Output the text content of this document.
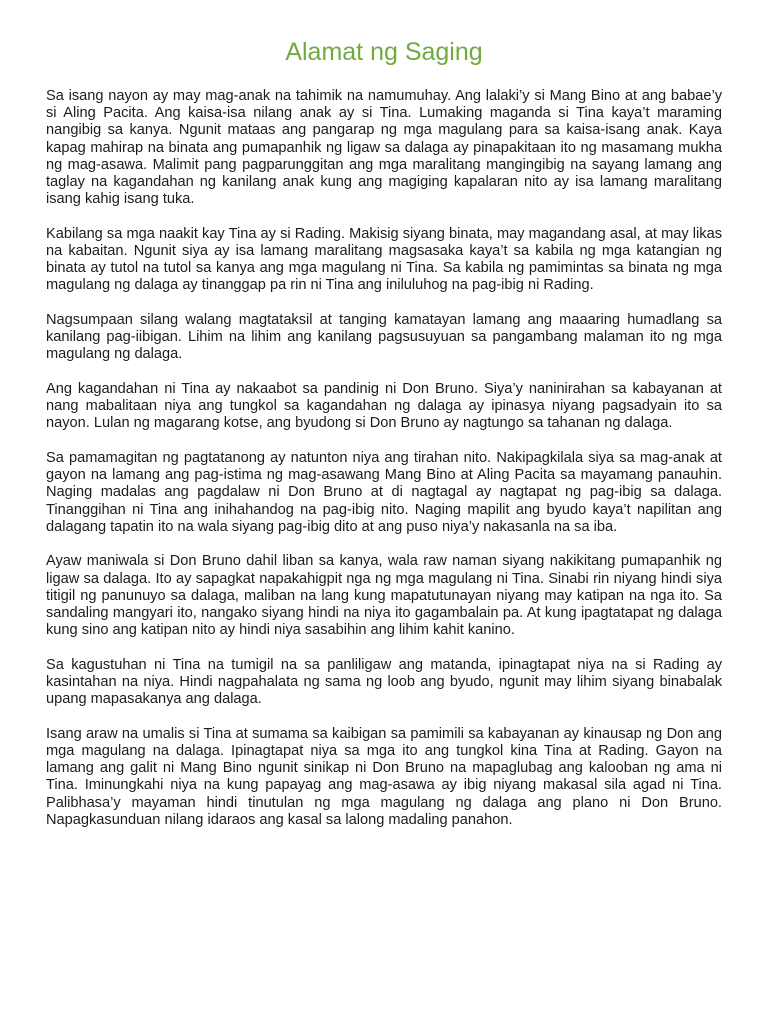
Alamat ng Saging

Sa isang nayon ay may mag-anak na tahimik na namumuhay. Ang lalaki’y si Mang Bino at ang babae’y si Aling Pacita. Ang kaisa-isa nilang anak ay si Tina. Lumaking maganda si Tina kaya’t maraming nangibig sa kanya. Ngunit mataas ang pangarap ng mga magulang para sa kaisa-isang anak. Kaya kapag mahirap na binata ang pumapanhik ng ligaw sa dalaga ay pinapakitaan ito ng masamang mukha ng mag-asawa. Malimit pang pagparunggitan ang mga maralitang mangingibig na sayang lamang ang taglay na kagandahan ng kanilang anak kung ang magiging kapalaran nito ay isa lamang maralitang isang kahig isang tuka.

Kabilang sa mga naakit kay Tina ay si Rading. Makisig siyang binata, may magandang asal, at may likas na kabaitan. Ngunit siya ay isa lamang maralitang magsasaka kaya’t sa kabila ng mga katangian ng binata ay tutol na tutol sa kanya ang mga magulang ni Tina. Sa kabila ng pamimintas sa binata ng mga magulang ng dalaga ay tinanggap pa rin ni Tina ang iniluluhog na pag-ibig ni Rading.

Nagsumpaan silang walang magtataksil at tanging kamatayan lamang ang maaaring humadlang sa kanilang pag-iibigan. Lihim na lihim ang kanilang pagsusuyuan sa pangambang malaman ito ng mga magulang ng dalaga.

Ang kagandahan ni Tina ay nakaabot sa pandinig ni Don Bruno. Siya’y naninirahan sa kabayanan at nang mabalitaan niya ang tungkol sa kagandahan ng dalaga ay ipinasya niyang pagsadyain ito sa nayon. Lulan ng magarang kotse, ang byudong si Don Bruno ay nagtungo sa tahanan ng dalaga.

Sa pamamagitan ng pagtatanong ay natunton niya ang tirahan nito. Nakipagkilala siya sa mag-anak at gayon na lamang ang pag-istima ng mag-asawang Mang Bino at Aling Pacita sa mayamang panauhin. Naging madalas ang pagdalaw ni Don Bruno at di nagtagal ay nagtapat ng pag-ibig sa dalaga. Tinanggihan ni Tina ang inihahandog na pag-ibig nito. Naging mapilit ang byudo kaya’t napilitan ang dalagang tapatin ito na wala siyang pag-ibig dito at ang puso niya’y nakasanla na sa iba.

Ayaw maniwala si Don Bruno dahil liban sa kanya, wala raw naman siyang nakikitang pumapanhik ng ligaw sa dalaga. Ito ay sapagkat napakahigpit nga ng mga magulang ni Tina. Sinabi rin niyang hindi siya titigil ng panunuyo sa dalaga, maliban na lang kung mapatutunayan niyang may katipan na nga ito. Sa sandaling mangyari ito, nangako siyang hindi na niya ito gagambalain pa. At kung ipagtatapat ng dalaga kung sino ang katipan nito ay hindi niya sasabihin ang lihim kahit kanino.

Sa kagustuhan ni Tina na tumigil na sa panliligaw ang matanda, ipinagtapat niya na si Rading ay kasintahan na niya. Hindi nagpahalata ng sama ng loob ang byudo, ngunit may lihim siyang binabalak upang mapasakanya ang dalaga.

Isang araw na umalis si Tina at sumama sa kaibigan sa pamimili sa kabayanan ay kinausap ng Don ang mga magulang na dalaga. Ipinagtapat niya sa mga ito ang tungkol kina Tina at Rading. Gayon na lamang ang galit ni Mang Bino ngunit sinikap ni Don Bruno na mapaglubag ang kalooban ng ama ni Tina. Iminungkahi niya na kung papayag ang mag-asawa ay ibig niyang makasal sila agad ni Tina. Palibhasa’y mayaman hindi tinutulan ng mga magulang ng dalaga ang plano ni Don Bruno. Napagkasunduan nilang idaraos ang kasal sa lalong madaling panahon.
